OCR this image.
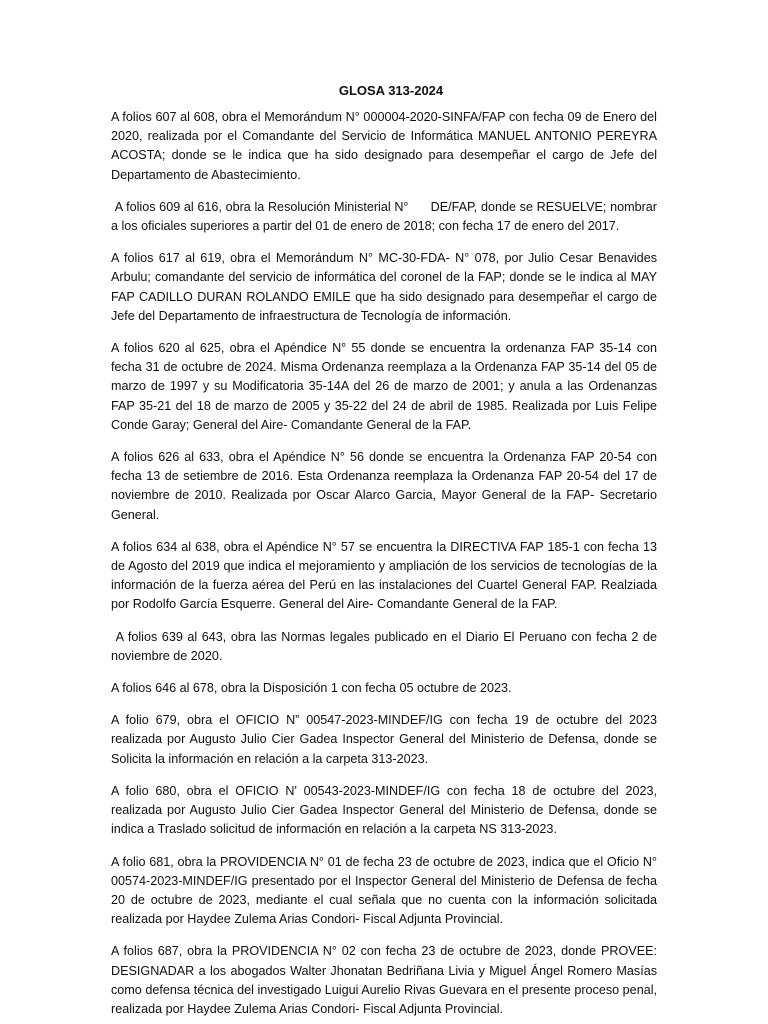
GLOSA 313-2024

A folios 607 al 608, obra el Memorándum N° 000004-2020-SINFA/FAP con fecha 09 de Enero del 2020, realizada por el Comandante del Servicio de Informática MANUEL ANTONIO PEREYRA ACOSTA; donde se le indica que ha sido designado para desempeñar el cargo de Jefe del Departamento de Abastecimiento.

A folios 609 al 616, obra la Resolución Ministerial N°      DE/FAP, donde se RESUELVE; nombrar a los oficiales superiores a partir del 01 de enero de 2018; con fecha 17 de enero del 2017.

A folios 617 al 619, obra el Memorándum N° MC-30-FDA- N° 078, por Julio Cesar Benavides Arbulu; comandante del servicio de informática del coronel de la FAP; donde se le indica al MAY FAP CADILLO DURAN ROLANDO EMILE que ha sido designado para desempeñar el cargo de Jefe del Departamento de infraestructura de Tecnología de información.

A folios 620 al 625, obra el Apéndice N° 55 donde se encuentra la ordenanza FAP 35-14 con fecha 31 de octubre de 2024. Misma Ordenanza reemplaza a la Ordenanza FAP 35-14 del 05 de marzo de 1997 y su Modificatoria 35-14A del 26 de marzo de 2001; y anula a las Ordenanzas FAP 35-21 del 18 de marzo de 2005 y 35-22 del 24 de abril de 1985. Realizada por Luis Felipe Conde Garay; General del Aire- Comandante General de la FAP.

A folios 626 al 633, obra el Apéndice N° 56 donde se encuentra la Ordenanza FAP 20-54 con fecha 13 de setiembre de 2016. Esta Ordenanza reemplaza la Ordenanza FAP 20-54 del 17 de noviembre de 2010. Realizada por Oscar Alarco Garcia, Mayor General de la FAP- Secretario General.

A folios 634 al 638, obra el Apéndice N° 57 se encuentra la DIRECTIVA FAP 185-1 con fecha 13 de Agosto del 2019 que indica el mejoramiento y ampliación de los servicios de tecnologías de la información de la fuerza aérea del Perú en las instalaciones del Cuartel General FAP. Realziada por Rodolfo García Esquerre. General del Aire- Comandante General de la FAP.

A folios 639 al 643, obra las Normas legales publicado en el Diario El Peruano con fecha 2 de noviembre de 2020.

A folios 646 al 678, obra la Disposición 1 con fecha 05 octubre de 2023.

A folio 679, obra el OFICIO N” 00547-2023-MINDEF/IG con fecha 19 de octubre del 2023 realizada por Augusto Julio Cier Gadea Inspector General del Ministerio de Defensa, donde se Solicita la información en relación a la carpeta 313-2023.

A folio 680, obra el OFICIO N' 00543-2023-MINDEF/IG con fecha 18 de octubre del 2023, realizada por Augusto Julio Cier Gadea Inspector General del Ministerio de Defensa, donde se indica a Traslado solicitud de información en relación a la carpeta NS 313-2023.

A folio 681, obra la PROVIDENCIA N° 01 de fecha 23 de octubre de 2023, indica que el Oficio N° 00574-2023-MINDEF/IG presentado por el Inspector General del Ministerio de Defensa de fecha 20 de octubre de 2023, mediante el cual señala que no cuenta con la información solicitada realizada por Haydee Zulema Arias Condori- Fiscal Adjunta Provincial.

A folios 687, obra la PROVIDENCIA N° 02 con fecha 23 de octubre de 2023, donde PROVEE: DESIGNADAR a los abogados Walter Jhonatan Bedriñana Livia y Miguel Ángel Romero Masías como defensa técnica del investigado Luigui Aurelio Rivas Guevara en el presente proceso penal, realizada por Haydee Zulema Arias Condori- Fiscal Adjunta Provincial.
